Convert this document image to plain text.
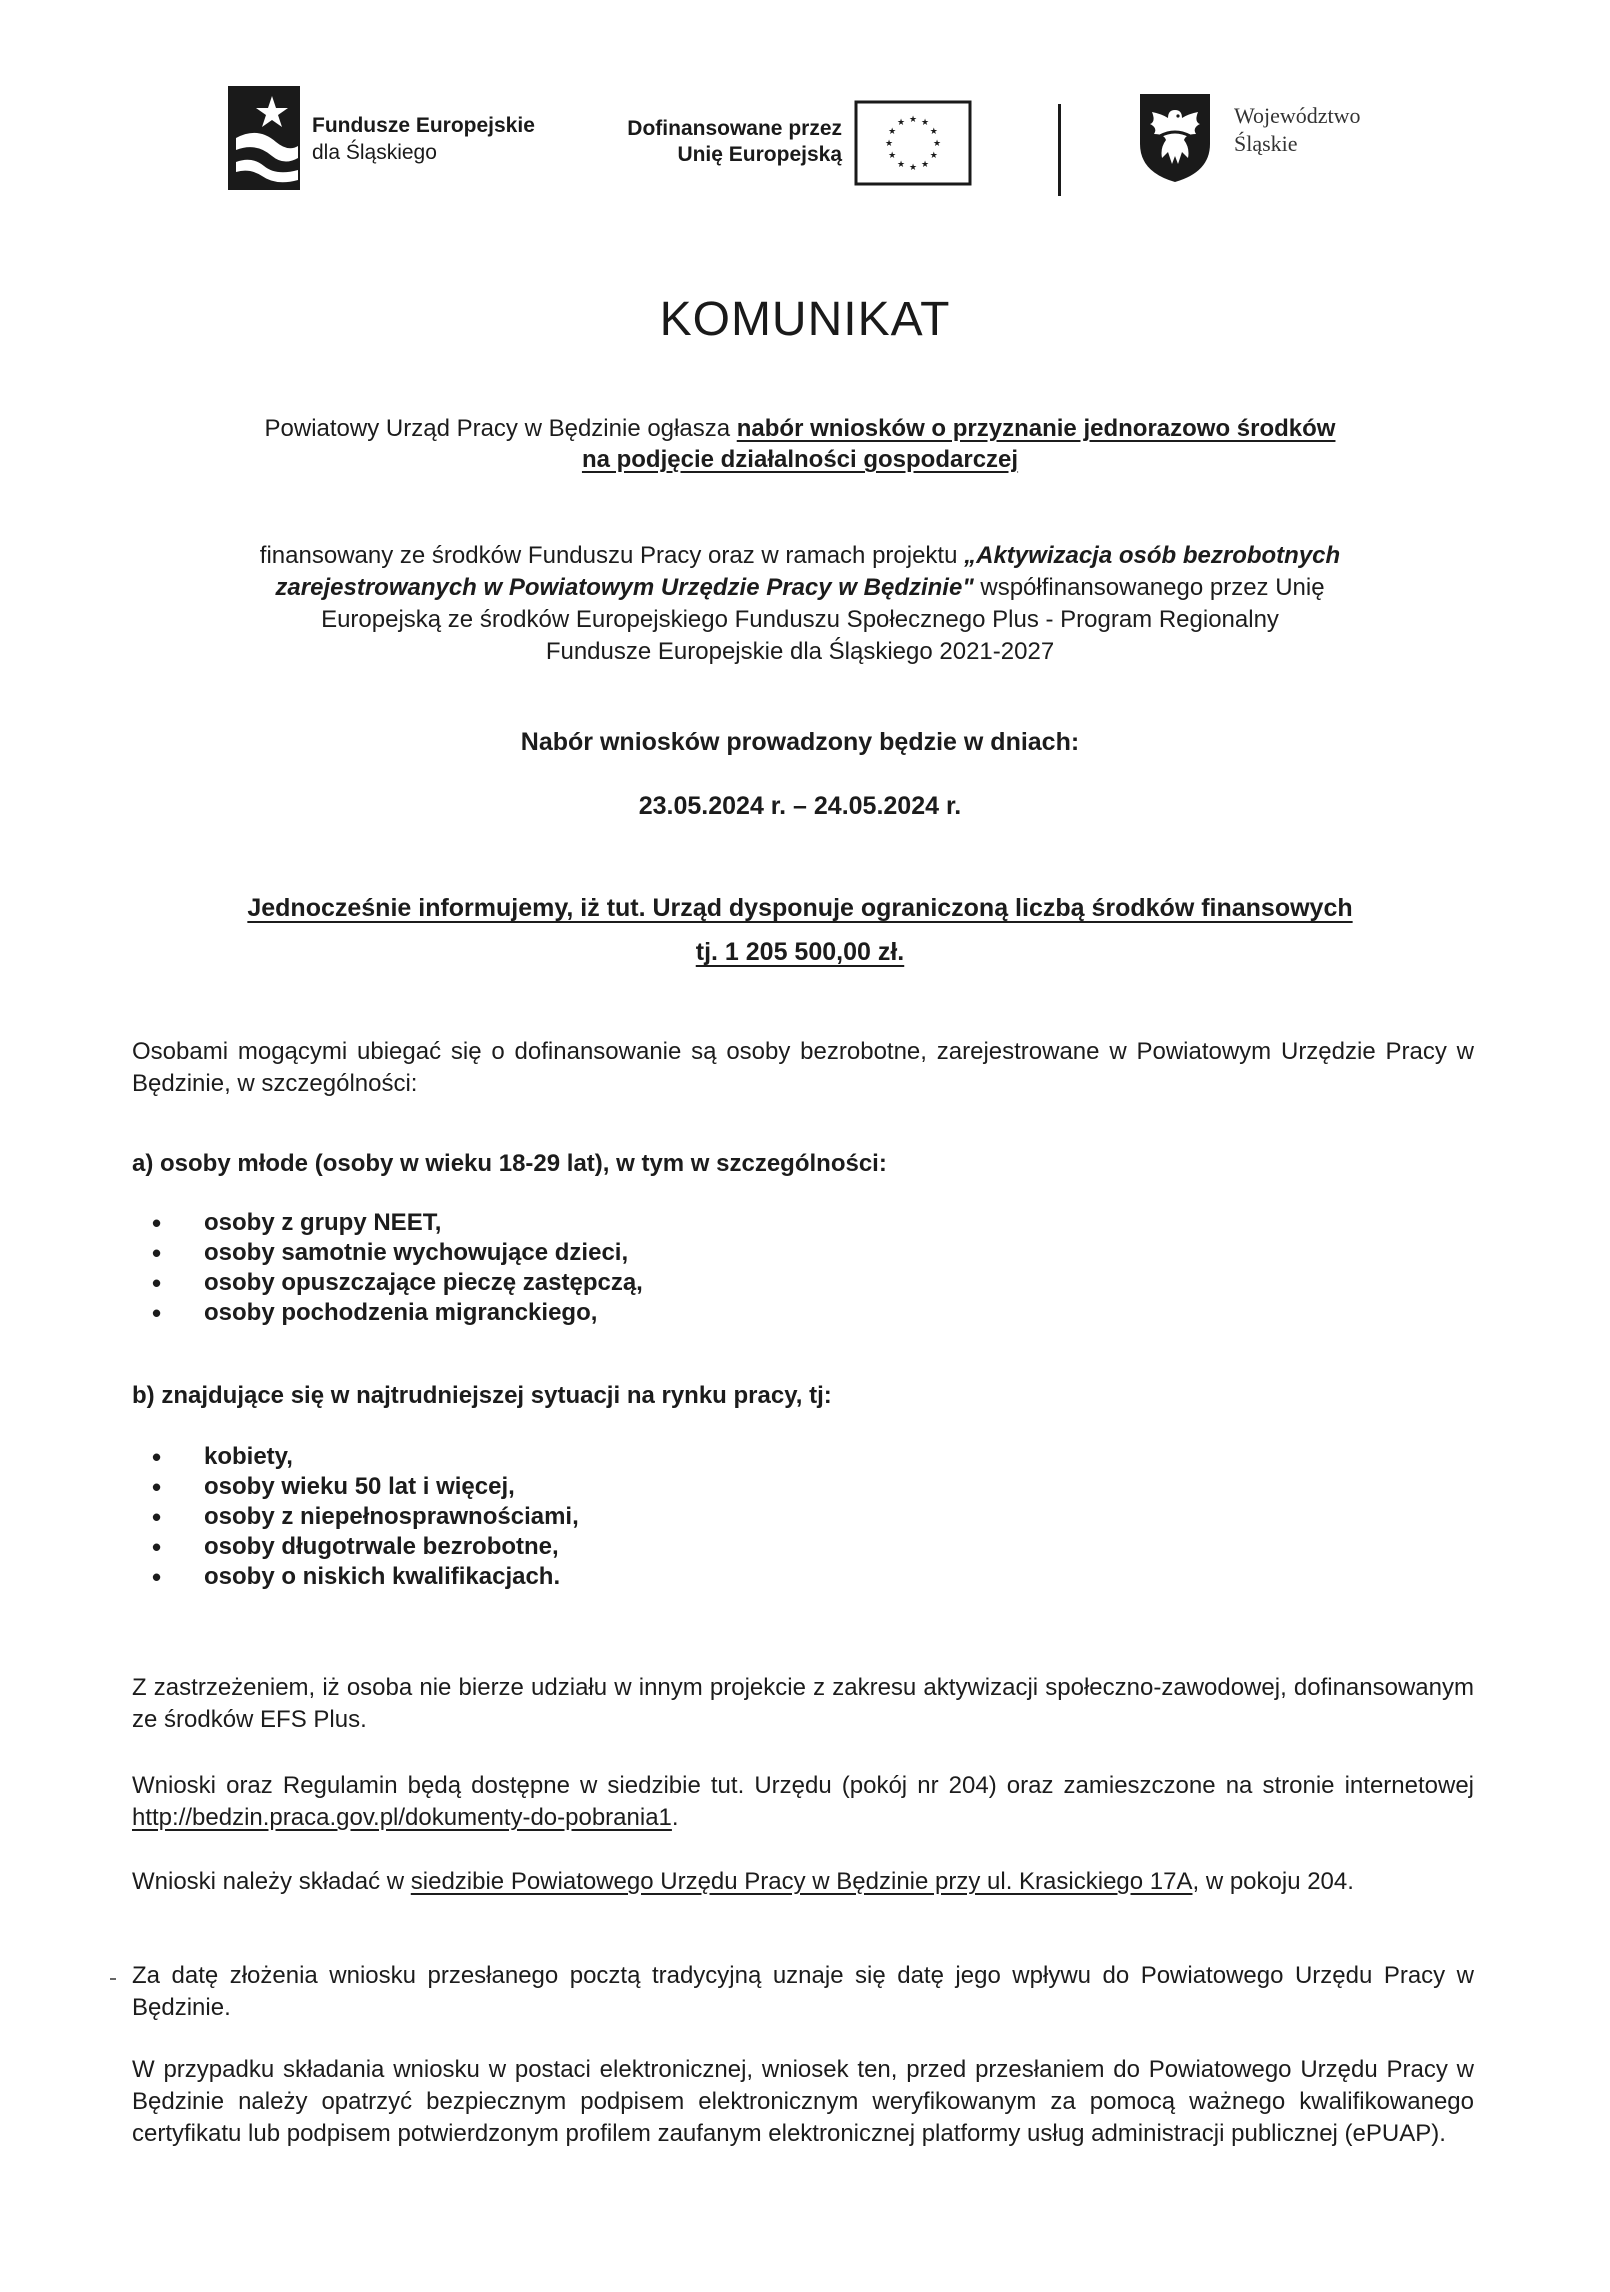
Fundusze Europejskie
dla Śląskiego
Dofinansowane przez
Unię Europejską
★ ★
★
★
★
★
★
★
★
★
★
★	Województwo
Śląskie
KOMUNIKAT
Powiatowy Urząd Pracy w Będzinie ogłasza nabór wniosków o przyznanie jednorazowo środków
na podjęcie działalności gospodarczej
finansowany ze środków Funduszu Pracy oraz w ramach projektu „Aktywizacja osób bezrobotnych
zarejestrowanych w Powiatowym Urzędzie Pracy w Będzinie" współfinansowanego przez Unię
Europejską ze środków Europejskiego Funduszu Społecznego Plus - Program Regionalny
Fundusze Europejskie dla Śląskiego 2021-2027
Nabór wniosków prowadzony będzie w dniach:
23.05.2024 r. – 24.05.2024 r.
Jednocześnie informujemy, iż tut. Urząd dysponuje ograniczoną liczbą środków finansowych
tj. 1 205 500,00 zł.
Osobami mogącymi ubiegać się o dofinansowanie są osoby bezrobotne, zarejestrowane w Powiatowym Urzędzie Pracy w Będzinie, w szczególności:
a) osoby młode (osoby w wieku 18-29 lat), w tym w szczególności:
• osoby z grupy NEET,
• osoby samotnie wychowujące dzieci,
• osoby opuszczające pieczę zastępczą,
• osoby pochodzenia migranckiego,
b) znajdujące się w najtrudniejszej sytuacji na rynku pracy, tj:
• kobiety,
• osoby wieku 50 lat i więcej,
• osoby z niepełnosprawnościami,
• osoby długotrwale bezrobotne,
• osoby o niskich kwalifikacjach.
Z zastrzeżeniem, iż osoba nie bierze udziału w innym projekcie z zakresu aktywizacji społeczno-zawodowej, dofinansowanym ze środków EFS Plus.
Wnioski oraz Regulamin będą dostępne w siedzibie tut. Urzędu (pokój nr 204) oraz zamieszczone na stronie internetowej http://bedzin.praca.gov.pl/dokumenty-do-pobrania1.
Wnioski należy składać w siedzibie Powiatowego Urzędu Pracy w Będzinie przy ul. Krasickiego 17A, w pokoju 204.
Za datę złożenia wniosku przesłanego pocztą tradycyjną uznaje się datę jego wpływu do Powiatowego Urzędu Pracy w Będzinie.
W przypadku składania wniosku w postaci elektronicznej, wniosek ten, przed przesłaniem do Powiatowego Urzędu Pracy w Będzinie należy opatrzyć bezpiecznym podpisem elektronicznym weryfikowanym za pomocą ważnego kwalifikowanego certyfikatu lub podpisem potwierdzonym profilem zaufanym elektronicznej platformy usług administracji publicznej (ePUAP).
